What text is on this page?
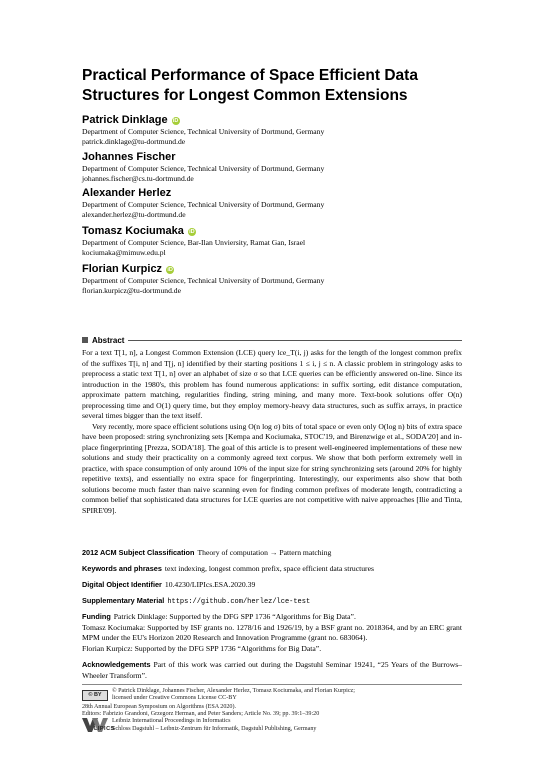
Practical Performance of Space Efficient Data Structures for Longest Common Extensions
Patrick Dinklage iD
Department of Computer Science, Technical University of Dortmund, Germany
patrick.dinklage@tu-dortmund.de
Johannes Fischer
Department of Computer Science, Technical University of Dortmund, Germany
johannes.fischer@cs.tu-dortmund.de
Alexander Herlez
Department of Computer Science, Technical University of Dortmund, Germany
alexander.herlez@tu-dortmund.de
Tomasz Kociumaka iD
Department of Computer Science, Bar-Ilan Unviersity, Ramat Gan, Israel
kociumaka@mimuw.edu.pl
Florian Kurpicz iD
Department of Computer Science, Technical University of Dortmund, Germany
florian.kurpicz@tu-dortmund.de
Abstract

For a text T[1, n], a Longest Common Extension (LCE) query lce_T(i, j) asks for the length of the longest common prefix of the suffixes T[i, n] and T[j, n] identified by their starting positions 1 ≤ i, j ≤ n. A classic problem in stringology asks to preprocess a static text T[1, n] over an alphabet of size σ so that LCE queries can be efficiently answered on-line. Since its introduction in the 1980's, this problem has found numerous applications: in suffix sorting, edit distance computation, approximate pattern matching, regularities finding, string mining, and many more. Text-book solutions offer O(n) preprocessing time and O(1) query time, but they employ memory-heavy data structures, such as suffix arrays, in practice several times bigger than the text itself.

Very recently, more space efficient solutions using O(n log σ) bits of total space or even only O(log n) bits of extra space have been proposed: string synchronizing sets [Kempa and Kociumaka, STOC'19, and Birenzwige et al., SODA'20] and in-place fingerprinting [Prezza, SODA'18]. The goal of this article is to present well-engineered implementations of these new solutions and study their practicality on a commonly agreed text corpus. We show that both perform extremely well in practice, with space consumption of only around 10% of the input size for string synchronizing sets (around 20% for highly repetitive texts), and essentially no extra space for fingerprinting. Interestingly, our experiments also show that both solutions become much faster than naive scanning even for finding common prefixes of moderate length, contradicting a common belief that sophisticated data structures for LCE queries are not competitive with naive approaches [Ilie and Tinta, SPIRE'09].

2012 ACM Subject Classification Theory of computation → Pattern matching
Keywords and phrases text indexing, longest common prefix, space efficient data structures
Digital Object Identifier 10.4230/LIPIcs.ESA.2020.39
Supplementary Material https://github.com/herlez/lce-test
Funding Patrick Dinklage: Supported by the DFG SPP 1736 “Algorithms for Big Data”.
Tomasz Kociumaka: Supported by ISF grants no. 1278/16 and 1926/19, by a BSF grant no. 2018364, and by an ERC grant MPM under the EU's Horizon 2020 Research and Innovation Programme (grant no. 683064).
Florian Kurpicz: Supported by the DFG SPP 1736 “Algorithms for Big Data”.
Acknowledgements Part of this work was carried out during the Dagstuhl Seminar 19241, “25 Years of the Burrows–Wheeler Transform”.
© BY
© Patrick Dinklage, Johannes Fischer, Alexander Herlez, Tomasz Kociumaka, and Florian Kurpicz;
licensed under Creative Commons License CC-BY
28th Annual European Symposium on Algorithms (ESA 2020).
Editors: Fabrizio Grandoni, Grzegorz Herman, and Peter Sanders; Article No. 39; pp. 39:1–39:20
Leibniz International Proceedings in Informatics
LIPICS
Schloss Dagstuhl – Leibniz-Zentrum für Informatik, Dagstuhl Publishing, Germany
